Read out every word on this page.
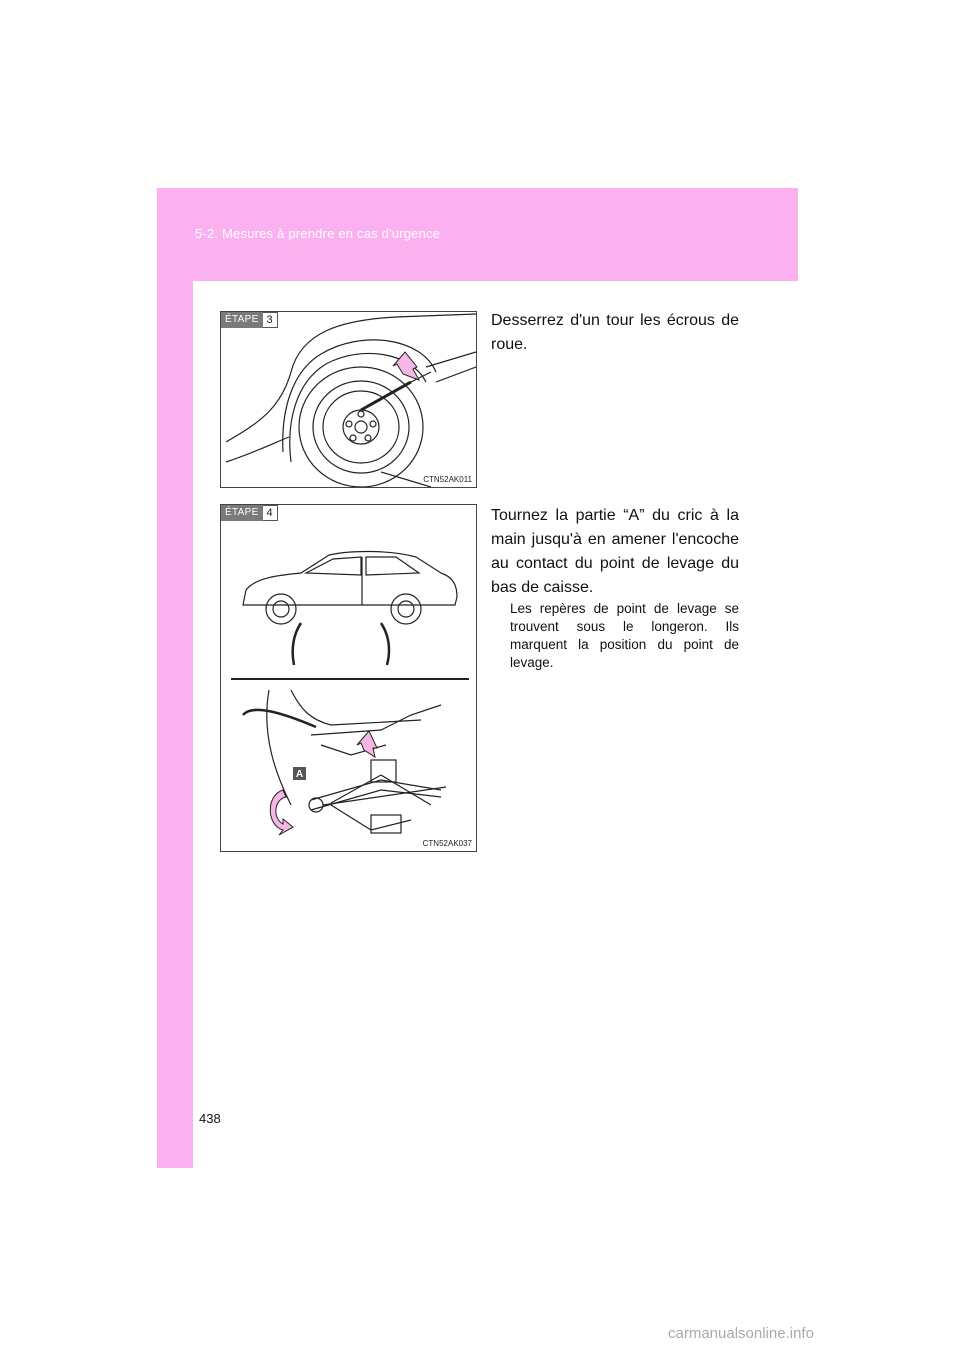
5-2. Mesures à prendre en cas d'urgence
ÉTAPE 3
CTN52AK011
Desserrez d'un tour les écrous de roue.
A
ÉTAPE 4
CTN52AK037
Tournez la partie “A” du cric à la main jusqu'à en amener l'encoche au contact du point de levage du bas de caisse.
Les repères de point de levage se trouvent sous le longeron. Ils marquent la position du point de levage.
438
carmanualsonline.info
